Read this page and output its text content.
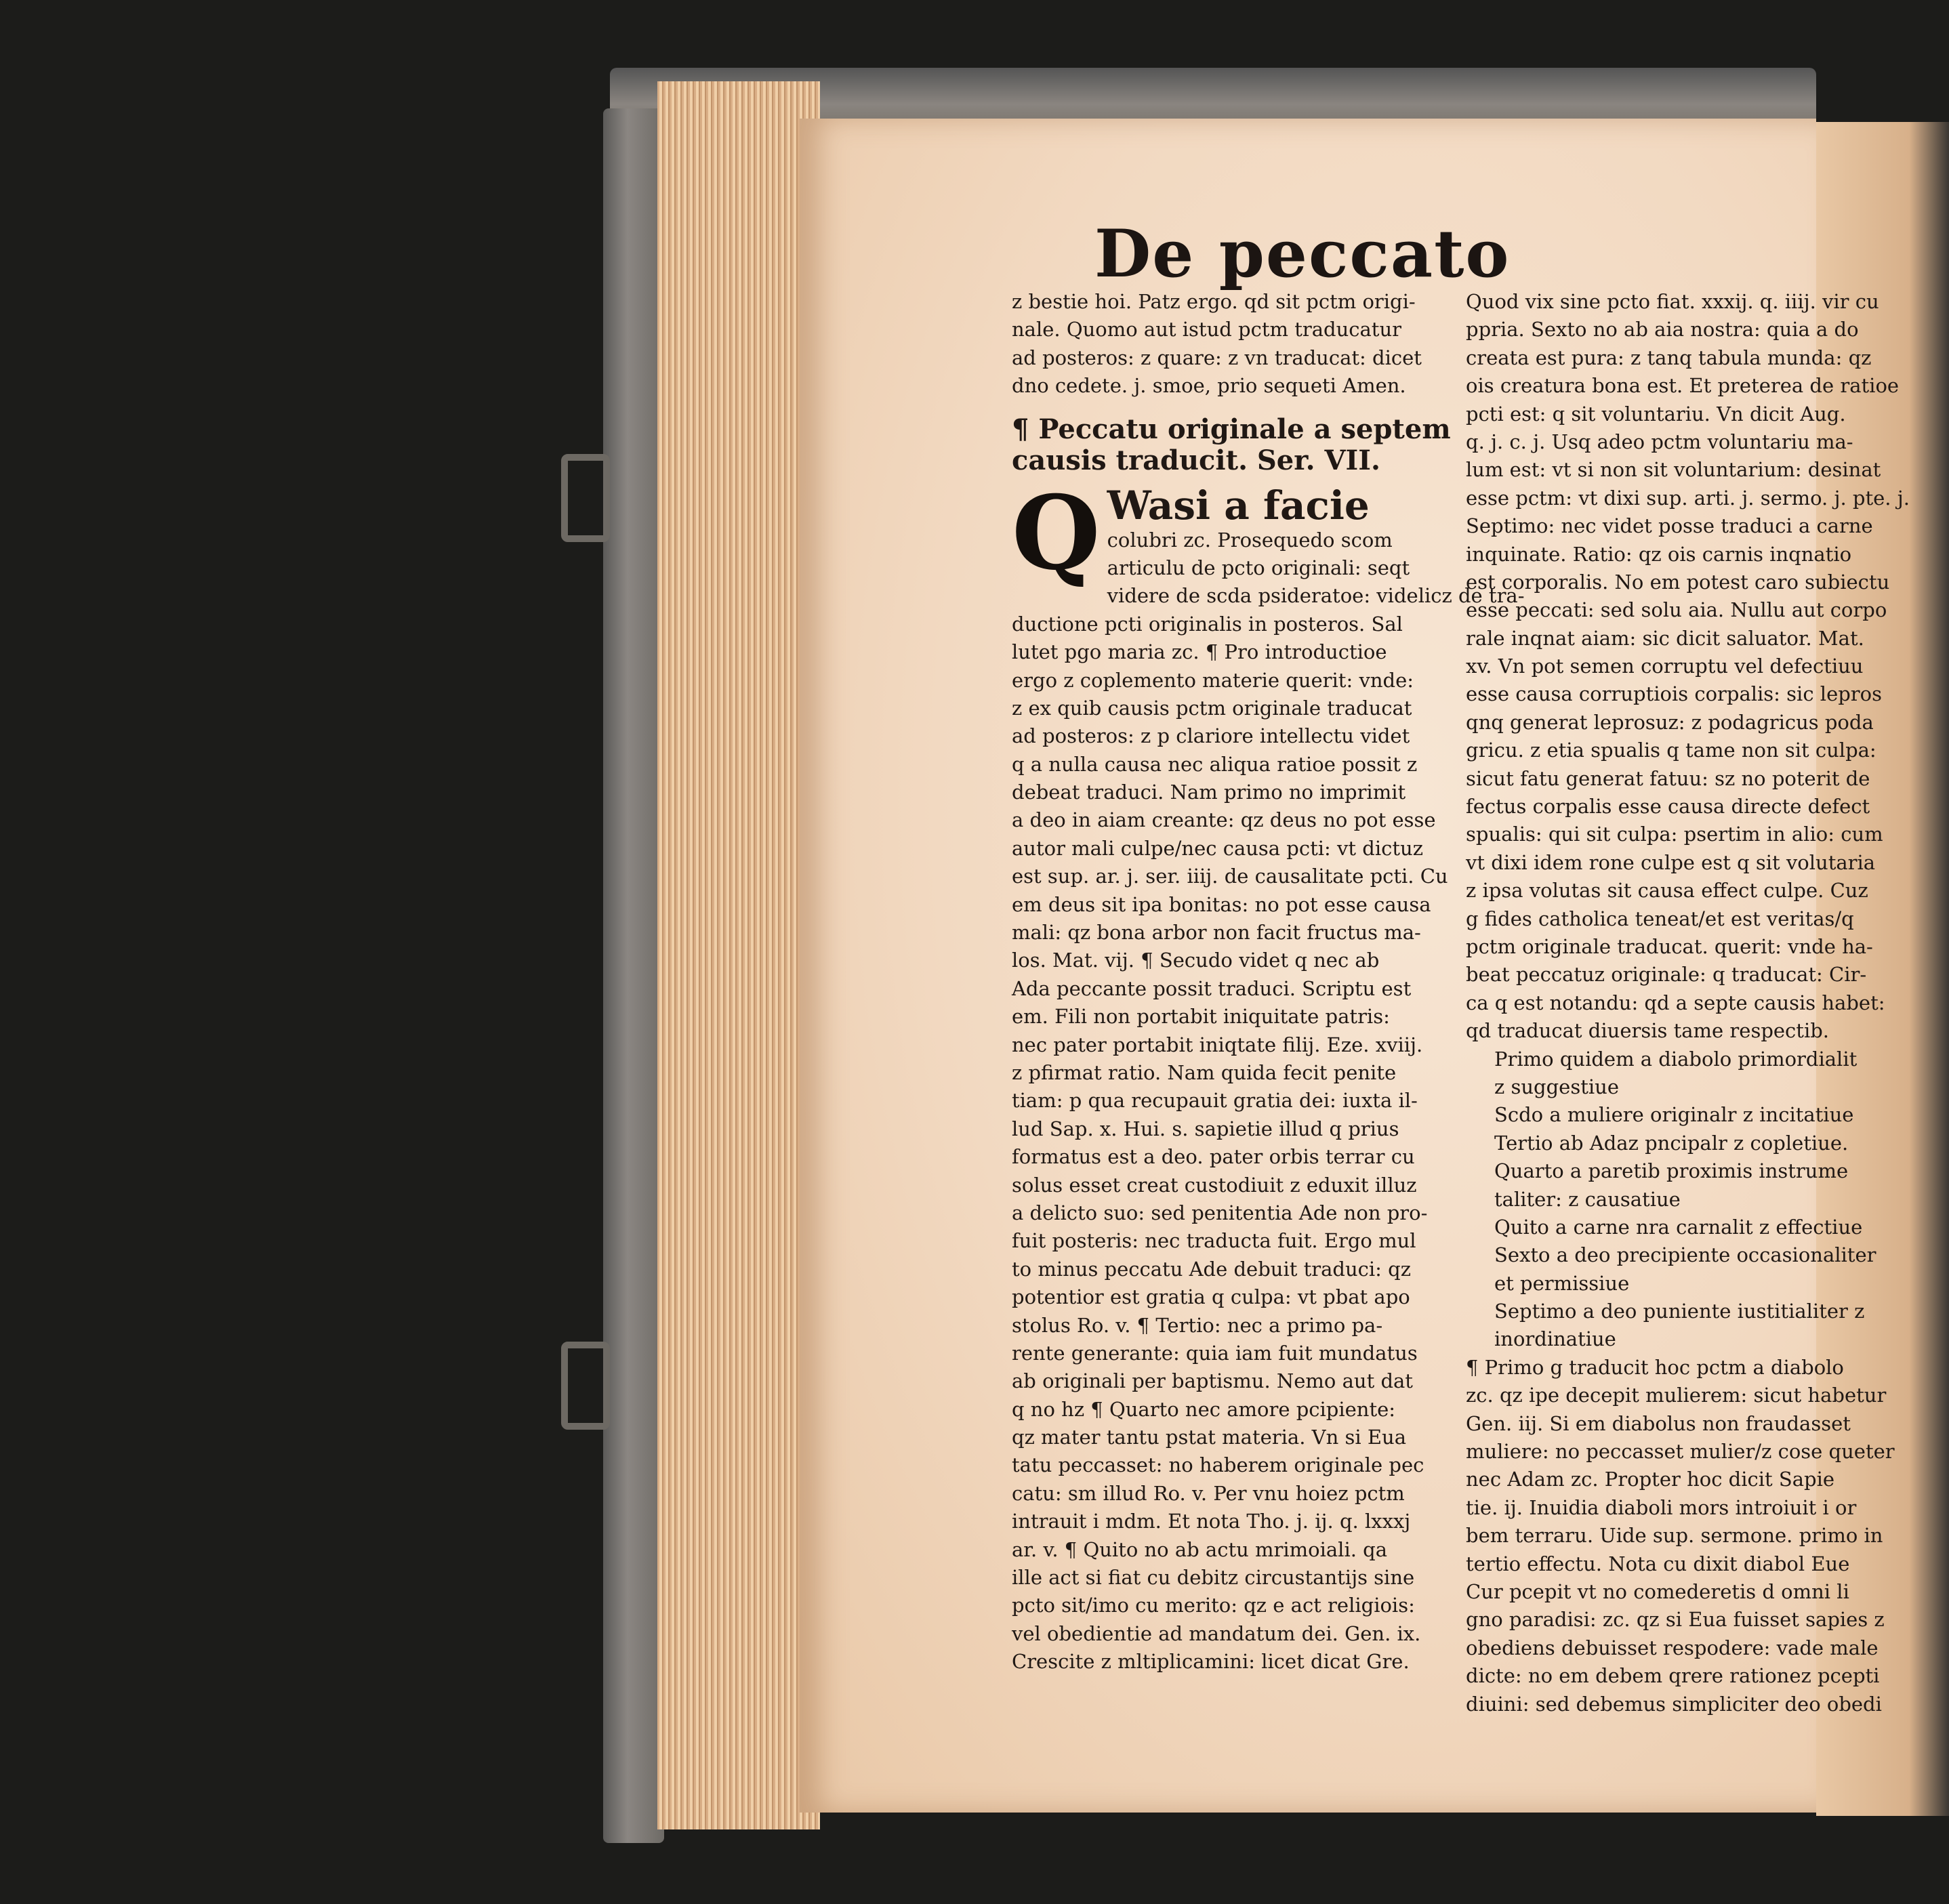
De peccato
z bestie hoi. Patz ergo. qd sit pctm origi-
nale. Quomo aut istud pctm traducatur
ad posteros: z quare: z vn traducat: dicet
dno cedete. j. smoe, prio sequeti Amen.
¶ Peccatu originale a septem
causis traducit. Ser. VII.
Q Wasi a facie
colubri zc. Prosequedo scom
articulu de pcto originali: seqt
videre de scda psideratoe: videlicz de tra-
ductione pcti originalis in posteros. Sal
lutet pgo maria zc. ¶ Pro introductioe
ergo z coplemento materie querit: vnde:
z ex quib causis pctm originale traducat
ad posteros: z p clariore intellectu videt
q a nulla causa nec aliqua ratioe possit z
debeat traduci. Nam primo no imprimit
a deo in aiam creante: qz deus no pot esse
autor mali culpe/nec causa pcti: vt dictuz
est sup. ar. j. ser. iiij. de causalitate pcti. Cu
em deus sit ipa bonitas: no pot esse causa
mali: qz bona arbor non facit fructus ma-
los. Mat. vij. ¶ Secudo videt q nec ab
Ada peccante possit traduci. Scriptu est
em. Fili non portabit iniquitate patris:
nec pater portabit iniqtate filij. Eze. xviij.
z pfirmat ratio. Nam quida fecit penite
tiam: p qua recupauit gratia dei: iuxta il-
lud Sap. x. Hui. s. sapietie illud q prius
formatus est a deo. pater orbis terrar cu
solus esset creat custodiuit z eduxit illuz
a delicto suo: sed penitentia Ade non pro-
fuit posteris: nec traducta fuit. Ergo mul
to minus peccatu Ade debuit traduci: qz
potentior est gratia q culpa: vt pbat apo
stolus Ro. v. ¶ Tertio: nec a primo pa-
rente generante: quia iam fuit mundatus
ab originali per baptismu. Nemo aut dat
q no hz ¶ Quarto nec amore pcipiente:
qz mater tantu pstat materia. Vn si Eua
tatu peccasset: no haberem originale pec
catu: sm illud Ro. v. Per vnu hoiez pctm
intrauit i mdm. Et nota Tho. j. ij. q. lxxxj
ar. v. ¶ Quito no ab actu mrimoiali. qa
ille act si fiat cu debitz circustantijs sine
pcto sit/imo cu merito: qz e act religiois:
vel obedientie ad mandatum dei. Gen. ix.
Crescite z mltiplicamini: licet dicat Gre.
Quod vix sine pcto fiat. xxxij. q. iiij. vir cu
ppria. Sexto no ab aia nostra: quia a do
creata est pura: z tanq tabula munda: qz
ois creatura bona est. Et preterea de ratioe
pcti est: q sit voluntariu. Vn dicit Aug.
q. j. c. j. Usq adeo pctm voluntariu ma-
lum est: vt si non sit voluntarium: desinat
esse pctm: vt dixi sup. arti. j. sermo. j. pte. j.
Septimo: nec videt posse traduci a carne
inquinate. Ratio: qz ois carnis inqnatio
est corporalis. No em potest caro subiectu
esse peccati: sed solu aia. Nullu aut corpo
rale inqnat aiam: sic dicit saluator. Mat.
xv. Vn pot semen corruptu vel defectiuu
esse causa corruptiois corpalis: sic lepros
qnq generat leprosuz: z podagricus poda
gricu. z etia spualis q tame non sit culpa:
sicut fatu generat fatuu: sz no poterit de
fectus corpalis esse causa directe defect
spualis: qui sit culpa: psertim in alio: cum
vt dixi idem rone culpe est q sit volutaria
z ipsa volutas sit causa effect culpe. Cuz
g fides catholica teneat/et est veritas/q
pctm originale traducat. querit: vnde ha-
beat peccatuz originale: q traducat: Cir-
ca q est notandu: qd a septe causis habet:
qd traducat diuersis tame respectib.
Primo quidem a diabolo primordialit
z suggestiue
Scdo a muliere originalr z incitatiue
Tertio ab Adaz pncipalr z copletiue.
Quarto a paretib proximis instrume
taliter: z causatiue
Quito a carne nra carnalit z effectiue
Sexto a deo precipiente occasionaliter
et permissiue
Septimo a deo puniente iustitialiter z
inordinatiue
¶ Primo g traducit hoc pctm a diabolo
zc. qz ipe decepit mulierem: sicut habetur
Gen. iij. Si em diabolus non fraudasset
muliere: no peccasset mulier/z cose queter
nec Adam zc. Propter hoc dicit Sapie
tie. ij. Inuidia diaboli mors introiuit i or
bem terraru. Uide sup. sermone. primo in
tertio effectu. Nota cu dixit diabol Eue
Cur pcepit vt no comederetis d omni li
gno paradisi: zc. qz si Eua fuisset sapies z
obediens debuisset respodere: vade male
dicte: no em debem qrere rationez pcepti
diuini: sed debemus simpliciter deo obedi
